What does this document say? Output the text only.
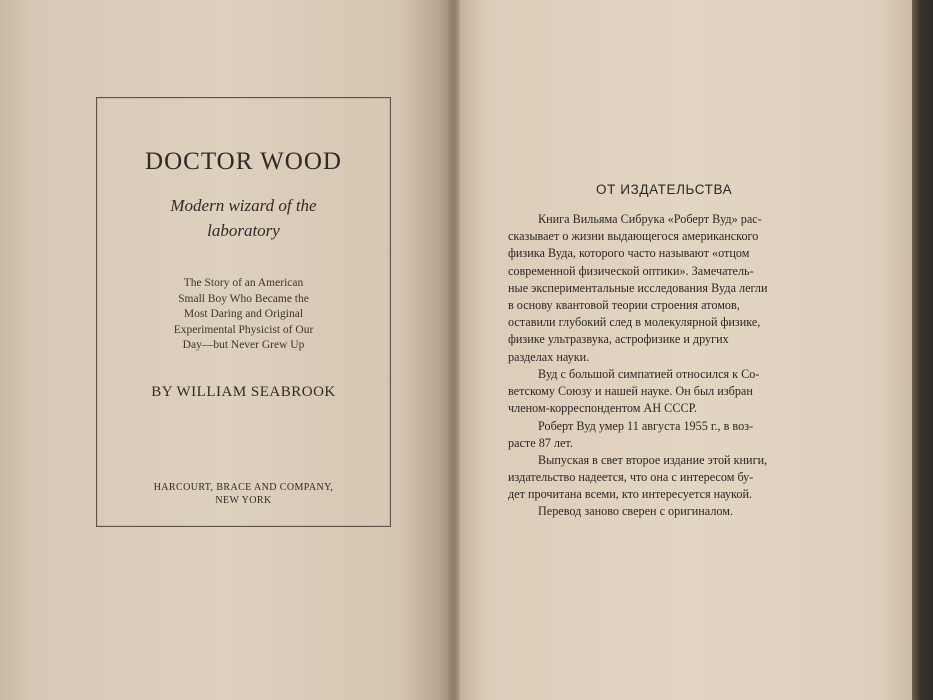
DOCTOR WOOD
Modern wizard of the
laboratory
The Story of an American
Small Boy Who Became the
Most Daring and Original
Experimental Physicist of Our
Day—but Never Grew Up
BY WILLIAM SEABROOK
HARCOURT, BRACE AND COMPANY,
NEW YORK
ОТ ИЗДАТЕЛЬСТВА

Книга Вильяма Сибрука «Роберт Вуд» рас-
сказывает о жизни выдающегося американского
физика Вуда, которого часто называют «отцом
современной физической оптики». Замечатель-
ные экспериментальные исследования Вуда легли
в основу квантовой теории строения атомов,
оставили глубокий след в молекулярной физике,
физике ультразвука, астрофизике и других
разделах науки.

Вуд с большой симпатией относился к Со-
ветскому Союзу и нашей науке. Он был избран
членом-корреспондентом АН СССР.

Роберт Вуд умер 11 августа 1955 г., в воз-
расте 87 лет.

Выпуская в свет второе издание этой книги,
издательство надеется, что она с интересом бу-
дет прочитана всеми, кто интересуется наукой.

Перевод заново сверен с оригиналом.
